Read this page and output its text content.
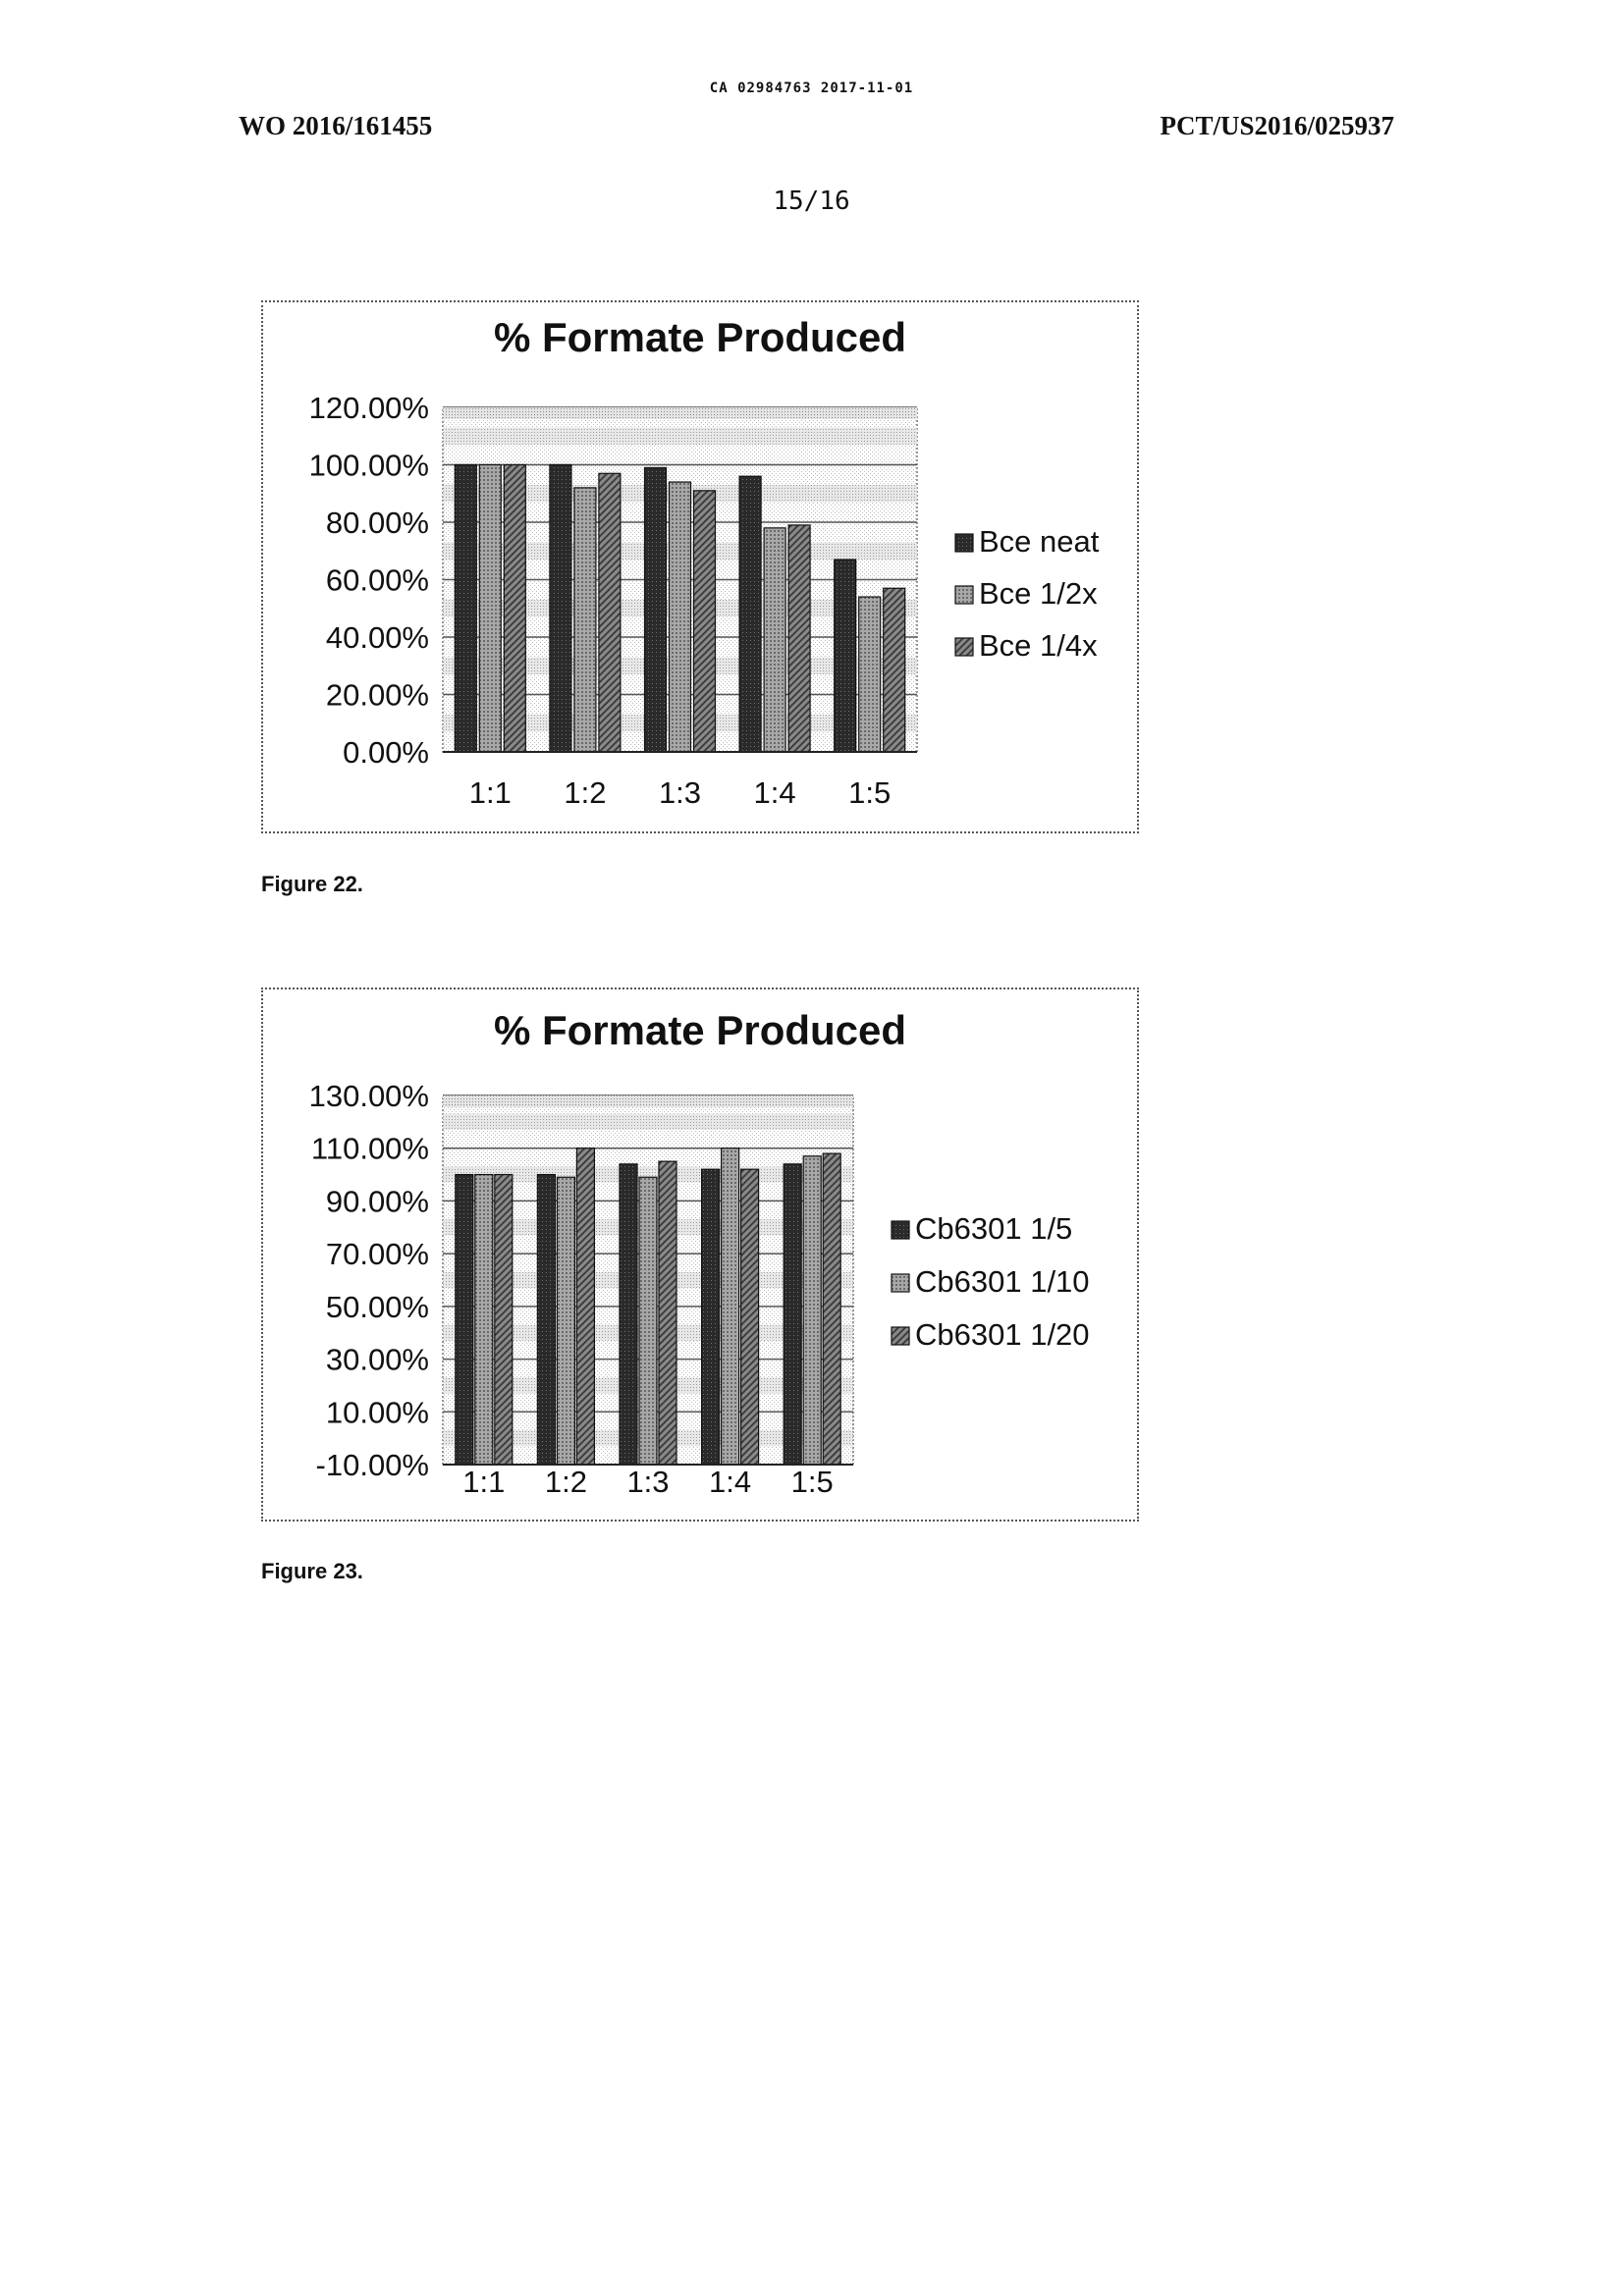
CA 02984763 2017-11-01
WO 2016/161455	PCT/US2016/025937
15/16
Bce neat
Bce 1/2x
Bce 1/4x
% Formate Produced
0.00%
20.00%
40.00%
60.00%
80.00%
100.00%
120.00%
1:1 1:2 1:3 1:4 1:5
Figure 22.
Cb6301 1/5
Cb6301 1/10
Cb6301 1/20
% Formate Produced
-10.00%
10.00%
30.00%
50.00%
70.00%
90.00%
110.00%
130.00%
1:1 1:2 1:3 1:4 1:5
Figure 23.
